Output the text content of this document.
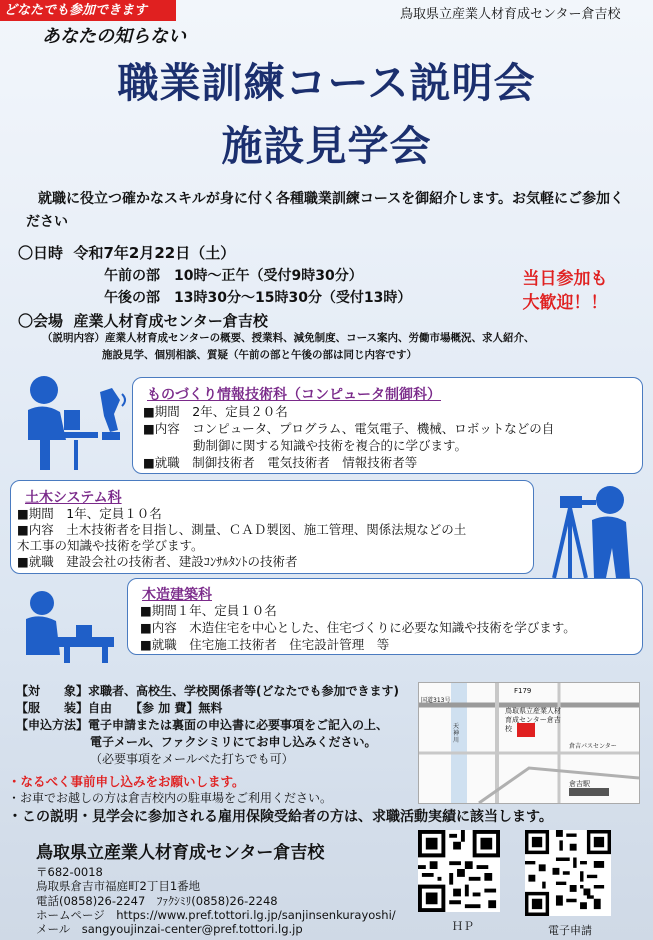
どなたでも参加できます	鳥取県立産業人材育成センター倉吉校
あなたの知らない
職業訓練コース説明会
施設見学会
就職に役立つ確かなスキルが身に付く各種職業訓練コースを御紹介します。お気軽にご参加ください
〇日時 令和7年2月22日（土）
午前の部　10時～正午（受付9時30分）
午後の部　13時30分～15時30分（受付13時）
〇会場 産業人材育成センター倉吉校
（説明内容）産業人材育成センターの概要、授業料、減免制度、コース案内、労働市場概況、求人紹介、
施設見学、個別相談、質疑（午前の部と午後の部は同じ内容です）
当日参加も
大歓迎！！
ものづくり情報技術科（コンピュータ制御科）
■期間　2年、定員２０名
■内容　コンピュータ、プログラム、電気電子、機械、ロボットなどの自
　　　　動制御に関する知識や技術を複合的に学びます。
■就職　制御技術者　電気技術者　情報技術者等
土木システム科
■期間　1年、定員１０名
■内容　土木技術者を目指し、測量、ＣＡＤ製図、施工管理、関係法規などの土
木工事の知識や技術を学びます。
■就職　建設会社の技術者、建設ｺﾝｻﾙﾀﾝﾄの技術者
木造建築科
■期間１年、定員１０名
■内容　木造住宅を中心とした、住宅づくりに必要な知識や技術を学びます。
■就職　住宅施工技術者　住宅設計管理　等
【対　　象】求職者、高校生、学校関係者等(どなたでも参加できます)
【服　　装】自由　　【参 加 費】無料
【申込方法】電子申請または裏面の申込書に必要事項をご記入の上、
電子メール、ファクシミリにてお申し込みください。
（必要事項をメールベた打ちでも可）
鳥取県立産業人材育成センター倉吉校
F179
国道313号
倉吉パスセンター
倉吉駅
天神川
・なるべく事前申し込みをお願いします。
・お車でお越しの方は倉吉校内の駐車場をご利用ください。
・この説明・見学会に参加される雇用保険受給者の方は、求職活動実績に該当します。
鳥取県立産業人材育成センター倉吉校
〒682-0018
鳥取県倉吉市福庭町2丁目1番地
電話(0858)26-2247　ﾌｧｸｼﾐﾘ(0858)26-2248
ホームページ　https://www.pref.tottori.lg.jp/sanjinsenkurayoshi/
メール　sangyoujinzai-center@pref.tottori.lg.jp	ＨＰ	電子申請
